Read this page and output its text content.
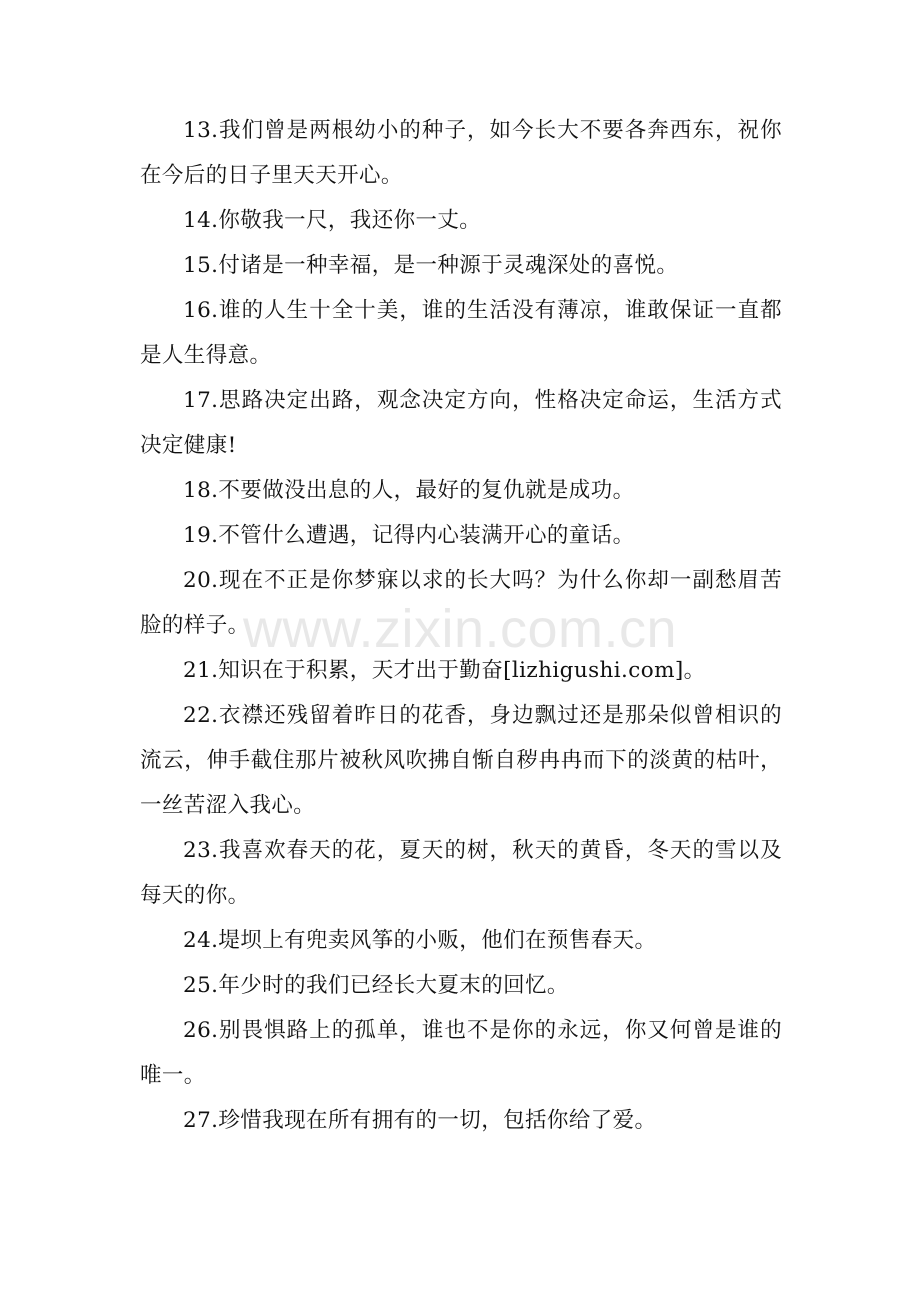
13.我们曾是两根幼小的种子，如今长大不要各奔西东，祝你在今后的日子里天天开心。

14.你敬我一尺，我还你一丈。

15.付诸是一种幸福，是一种源于灵魂深处的喜悦。

16.谁的人生十全十美，谁的生活没有薄凉，谁敢保证一直都是人生得意。

17.思路决定出路，观念决定方向，性格决定命运，生活方式决定健康!

18.不要做没出息的人，最好的复仇就是成功。

19.不管什么遭遇，记得内心装满开心的童话。

20.现在不正是你梦寐以求的长大吗？为什么你却一副愁眉苦脸的样子。

21.知识在于积累，天才出于勤奋[lizhigushi.com]。

22.衣襟还残留着昨日的花香，身边飘过还是那朵似曾相识的流云，伸手截住那片被秋风吹拂自惭自秽冉冉而下的淡黄的枯叶，一丝苦涩入我心。

23.我喜欢春天的花，夏天的树，秋天的黄昏，冬天的雪以及每天的你。

24.堤坝上有兜卖风筝的小贩，他们在预售春天。

25.年少时的我们已经长大夏末的回忆。

26.别畏惧路上的孤单，谁也不是你的永远，你又何曾是谁的唯一。

27.珍惜我现在所有拥有的一切，包括你给了爱。

www.zixin.com.cn
